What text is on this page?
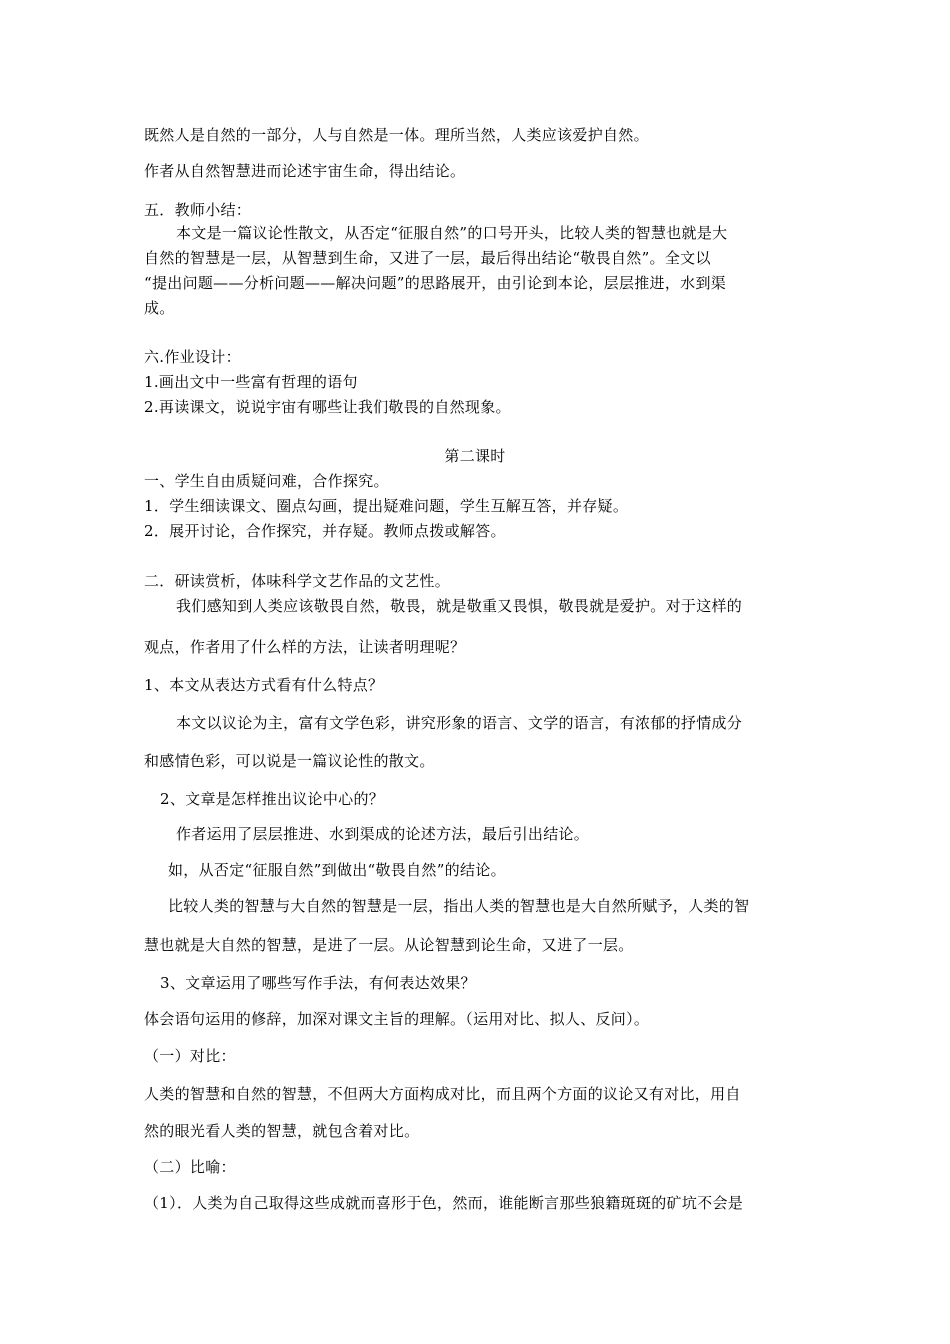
既然人是自然的一部分，人与自然是一体。理所当然，人类应该爱护自然。

作者从自然智慧进而论述宇宙生命，得出结论。

五．教师小结：

本文是一篇议论性散文，从否定“征服自然”的口号开头，比较人类的智慧也就是大

自然的智慧是一层，从智慧到生命，又进了一层，最后得出结论“敬畏自然”。全文以

“提出问题——分析问题——解决问题”的思路展开，由引论到本论，层层推进，水到渠

成。

六.作业设计：

1.画出文中一些富有哲理的语句

2.再读课文，说说宇宙有哪些让我们敬畏的自然现象。

第二课时

一、学生自由质疑问难，合作探究。

1．学生细读课文、圈点勾画，提出疑难问题，学生互解互答，并存疑。

2．展开讨论，合作探究，并存疑。教师点拨或解答。

二．研读赏析，体味科学文艺作品的文艺性。

我们感知到人类应该敬畏自然，敬畏，就是敬重又畏惧，敬畏就是爱护。对于这样的

观点，作者用了什么样的方法，让读者明理呢？

1、本文从表达方式看有什么特点？

本文以议论为主，富有文学色彩，讲究形象的语言、文学的语言，有浓郁的抒情成分

和感情色彩，可以说是一篇议论性的散文。

2、文章是怎样推出议论中心的？

作者运用了层层推进、水到渠成的论述方法，最后引出结论。

如，从否定“征服自然”到做出“敬畏自然”的结论。

比较人类的智慧与大自然的智慧是一层，指出人类的智慧也是大自然所赋予，人类的智

慧也就是大自然的智慧，是进了一层。从论智慧到论生命，又进了一层。

3、文章运用了哪些写作手法，有何表达效果？

体会语句运用的修辞，加深对课文主旨的理解。（运用对比、拟人、反问）。

（一）对比：

人类的智慧和自然的智慧，不但两大方面构成对比，而且两个方面的议论又有对比，用自

然的眼光看人类的智慧，就包含着对比。

（二）比喻：

（1）．人类为自己取得这些成就而喜形于色，然而，谁能断言那些狼籍斑斑的矿坑不会是
